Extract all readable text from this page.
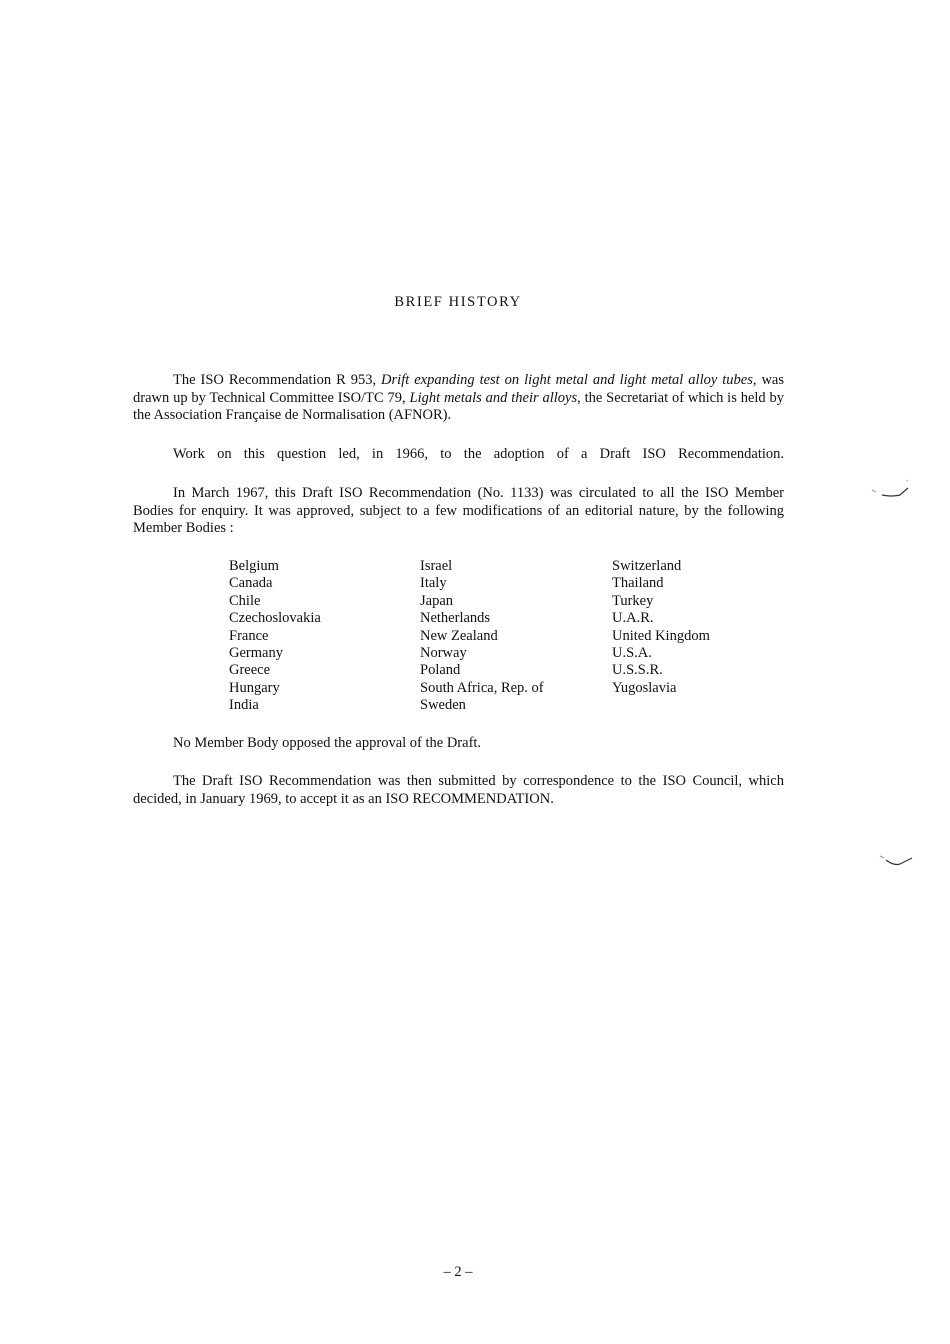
BRIEF HISTORY

The ISO Recommendation R 953, Drift expanding test on light metal and light metal alloy tubes, was drawn up by Technical Committee ISO/TC 79, Light metals and their alloys, the Secretariat of which is held by the Association Française de Normalisation (AFNOR).

Work on this question led, in 1966, to the adoption of a Draft ISO Recommendation.

In March 1967, this Draft ISO Recommendation (No. 1133) was circulated to all the ISO Member Bodies for enquiry. It was approved, subject to a few modifications of an editorial nature, by the following Member Bodies :

Belgium
Canada
Chile
Czechoslovakia
France
Germany
Greece
Hungary
India
Israel
Italy
Japan
Netherlands
New Zealand
Norway
Poland
South Africa, Rep. of
Sweden
Switzerland
Thailand
Turkey
U.A.R.
United Kingdom
U.S.A.
U.S.S.R.
Yugoslavia

No Member Body opposed the approval of the Draft.

The Draft ISO Recommendation was then submitted by correspondence to the ISO Council, which decided, in January 1969, to accept it as an ISO RECOMMENDATION.

– 2 –
